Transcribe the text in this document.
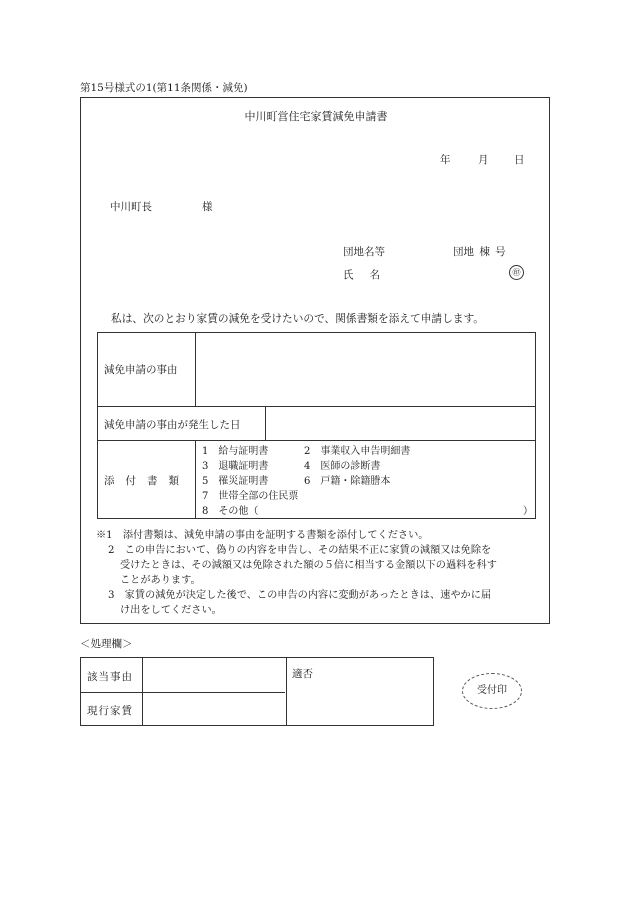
第15号様式の1(第11条関係・減免)
中川町営住宅家賃減免申請書
年	月 日
中川町長	様
団地名等	団地 棟 号
氏名	㊞
私は、次のとおり家賃の減免を受けたいので、関係書類を添えて申請します。
減免申請の事由
減免申請の事由が発生した日
添付書類
1　給与証明書	2　事業収入申告明細書
3　退職証明書	4　医師の診断書
5　罹災証明書	6　戸籍・除籍謄本
7　世帯全部の住民票
8　その他（	）
※1　添付書類は、減免申請の事由を証明する書類を添付してください。
2　この申告において、偽りの内容を申告し、その結果不正に家賃の減額又は免除を
受けたときは、その減額又は免除された額の５倍に相当する金額以下の過料を科す
ことがあります。
3　家賃の減免が決定した後で、この申告の内容に変動があったときは、速やかに届
け出をしてください。
＜処理欄＞
該当事由
現行家賃
適否
受付印
